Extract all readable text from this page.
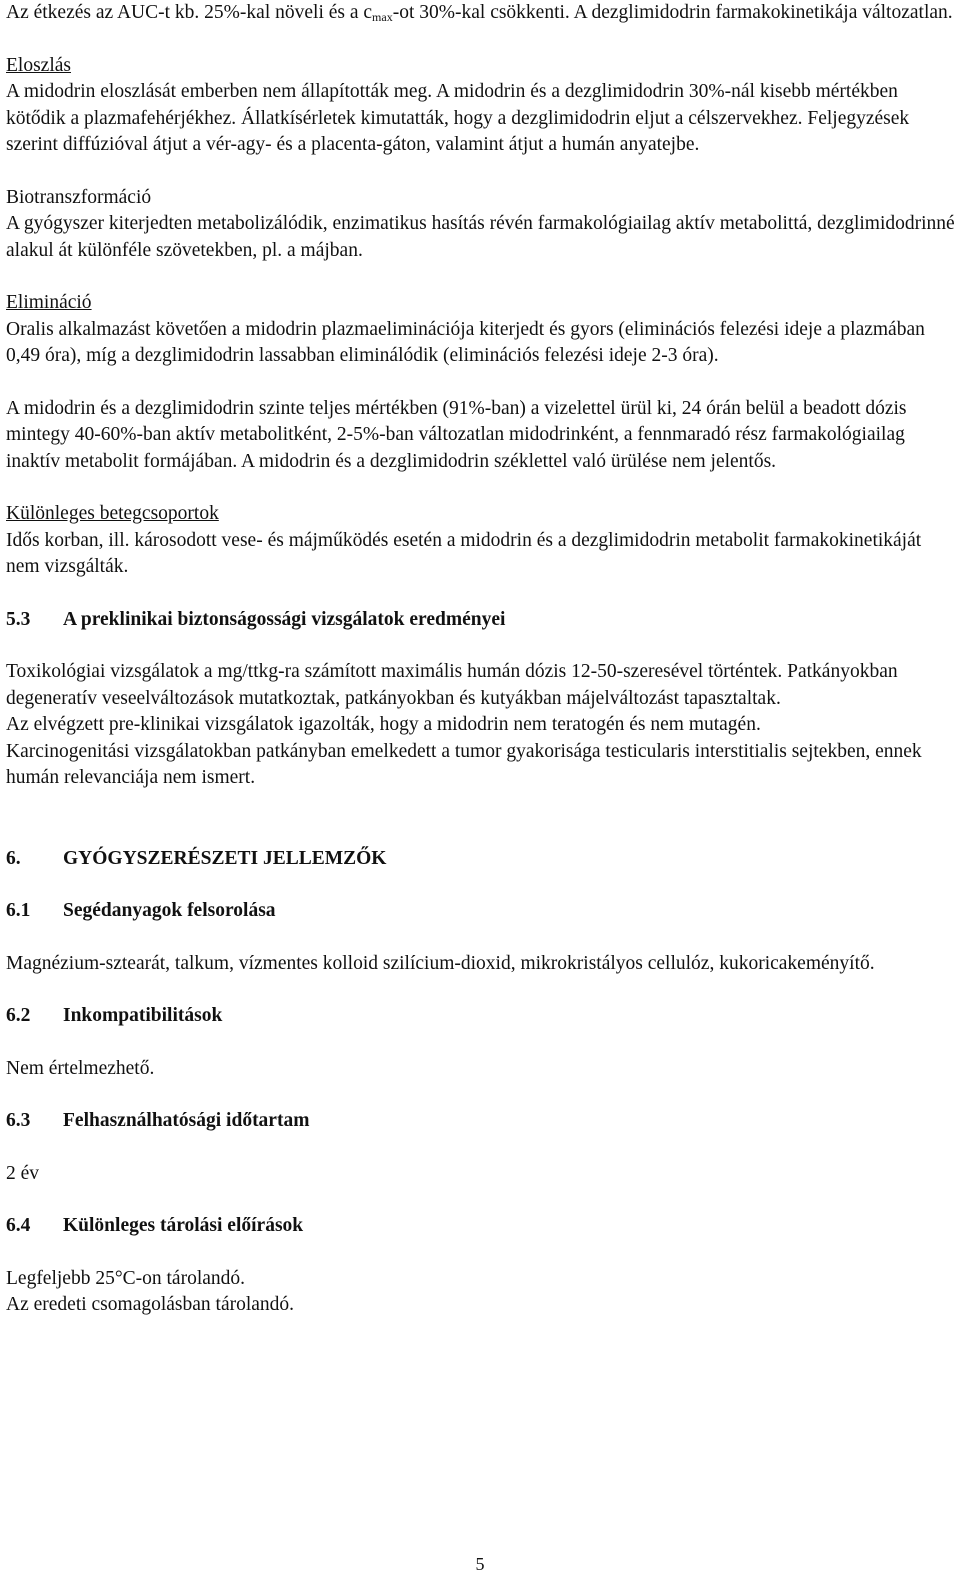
Az étkezés az AUC-t kb. 25%-kal növeli és a $c_{max}-ot$ 30%-kal csökkenti. A dezglimidodrin farmakokinetikája változatlan.

Eloszlás

A midodrin eloszlását emberben nem állapították meg. A midodrin és a dezglimidodrin 30%-nál kisebb mértékben kötődik a plazmafehérjékhez. Állatkísérletek kimutatták, hogy a dezglimidodrin eljut a célszervekhez. Feljegyzések szerint diffúzióval átjut a vér-agy- és a placenta-gáton, valamint átjut a humán anyatejbe.

Biotranszformáció

A gyógyszer kiterjedten metabolizálódik, enzimatikus hasítás révén farmakológiailag aktív metabolittá, dezglimidodrinné alakul át különféle szövetekben, pl. a májban.

Elimináció

Oralis alkalmazást követően a midodrin plazmaeliminációja kiterjedt és gyors (eliminációs felezési ideje a plazmában 0,49 óra), míg a dezglimidodrin lassabban eliminálódik (eliminációs felezési ideje 2-3 óra).

A midodrin és a dezglimidodrin szinte teljes mértékben (91%-ban) a vizelettel ürül ki, 24 órán belül a beadott dózis mintegy 40-60%-ban aktív metabolitként, 2-5%-ban változatlan midodrinként, a fennmaradó rész farmakológiailag inaktív metabolit formájában. A midodrin és a dezglimidodrin széklettel való ürülése nem jelentős.

Különleges betegcsoportok

Idős korban, ill. károsodott vese- és májműködés esetén a midodrin és a dezglimidodrin metabolit farmakokinetikáját nem vizsgálták.

5.3	A preklinikai biztonságossági vizsgálatok eredményei

Toxikológiai vizsgálatok a mg/ttkg-ra számított maximális humán dózis 12-50-szeresével történtek. Patkányokban degeneratív veseelváltozások mutatkoztak, patkányokban és kutyákban májelváltozást tapasztaltak.

Az elvégzett pre-klinikai vizsgálatok igazolták, hogy a midodrin nem teratogén és nem mutagén.

Karcinogenitási vizsgálatokban patkányban emelkedett a tumor gyakorisága testicularis interstitialis sejtekben, ennek humán relevanciája nem ismert.

6.	GYÓGYSZERÉSZETI JELLEMZŐK

6.1	Segédanyagok felsorolása

Magnézium-sztearát, talkum, vízmentes kolloid szilícium-dioxid, mikrokristályos cellulóz, kukoricakeményítő.

6.2	Inkompatibilitások

Nem értelmezhető.

6.3	Felhasználhatósági időtartam

2 év

6.4	Különleges tárolási előírások

Legfeljebb 25°C-on tárolandó.

Az eredeti csomagolásban tárolandó.

5
